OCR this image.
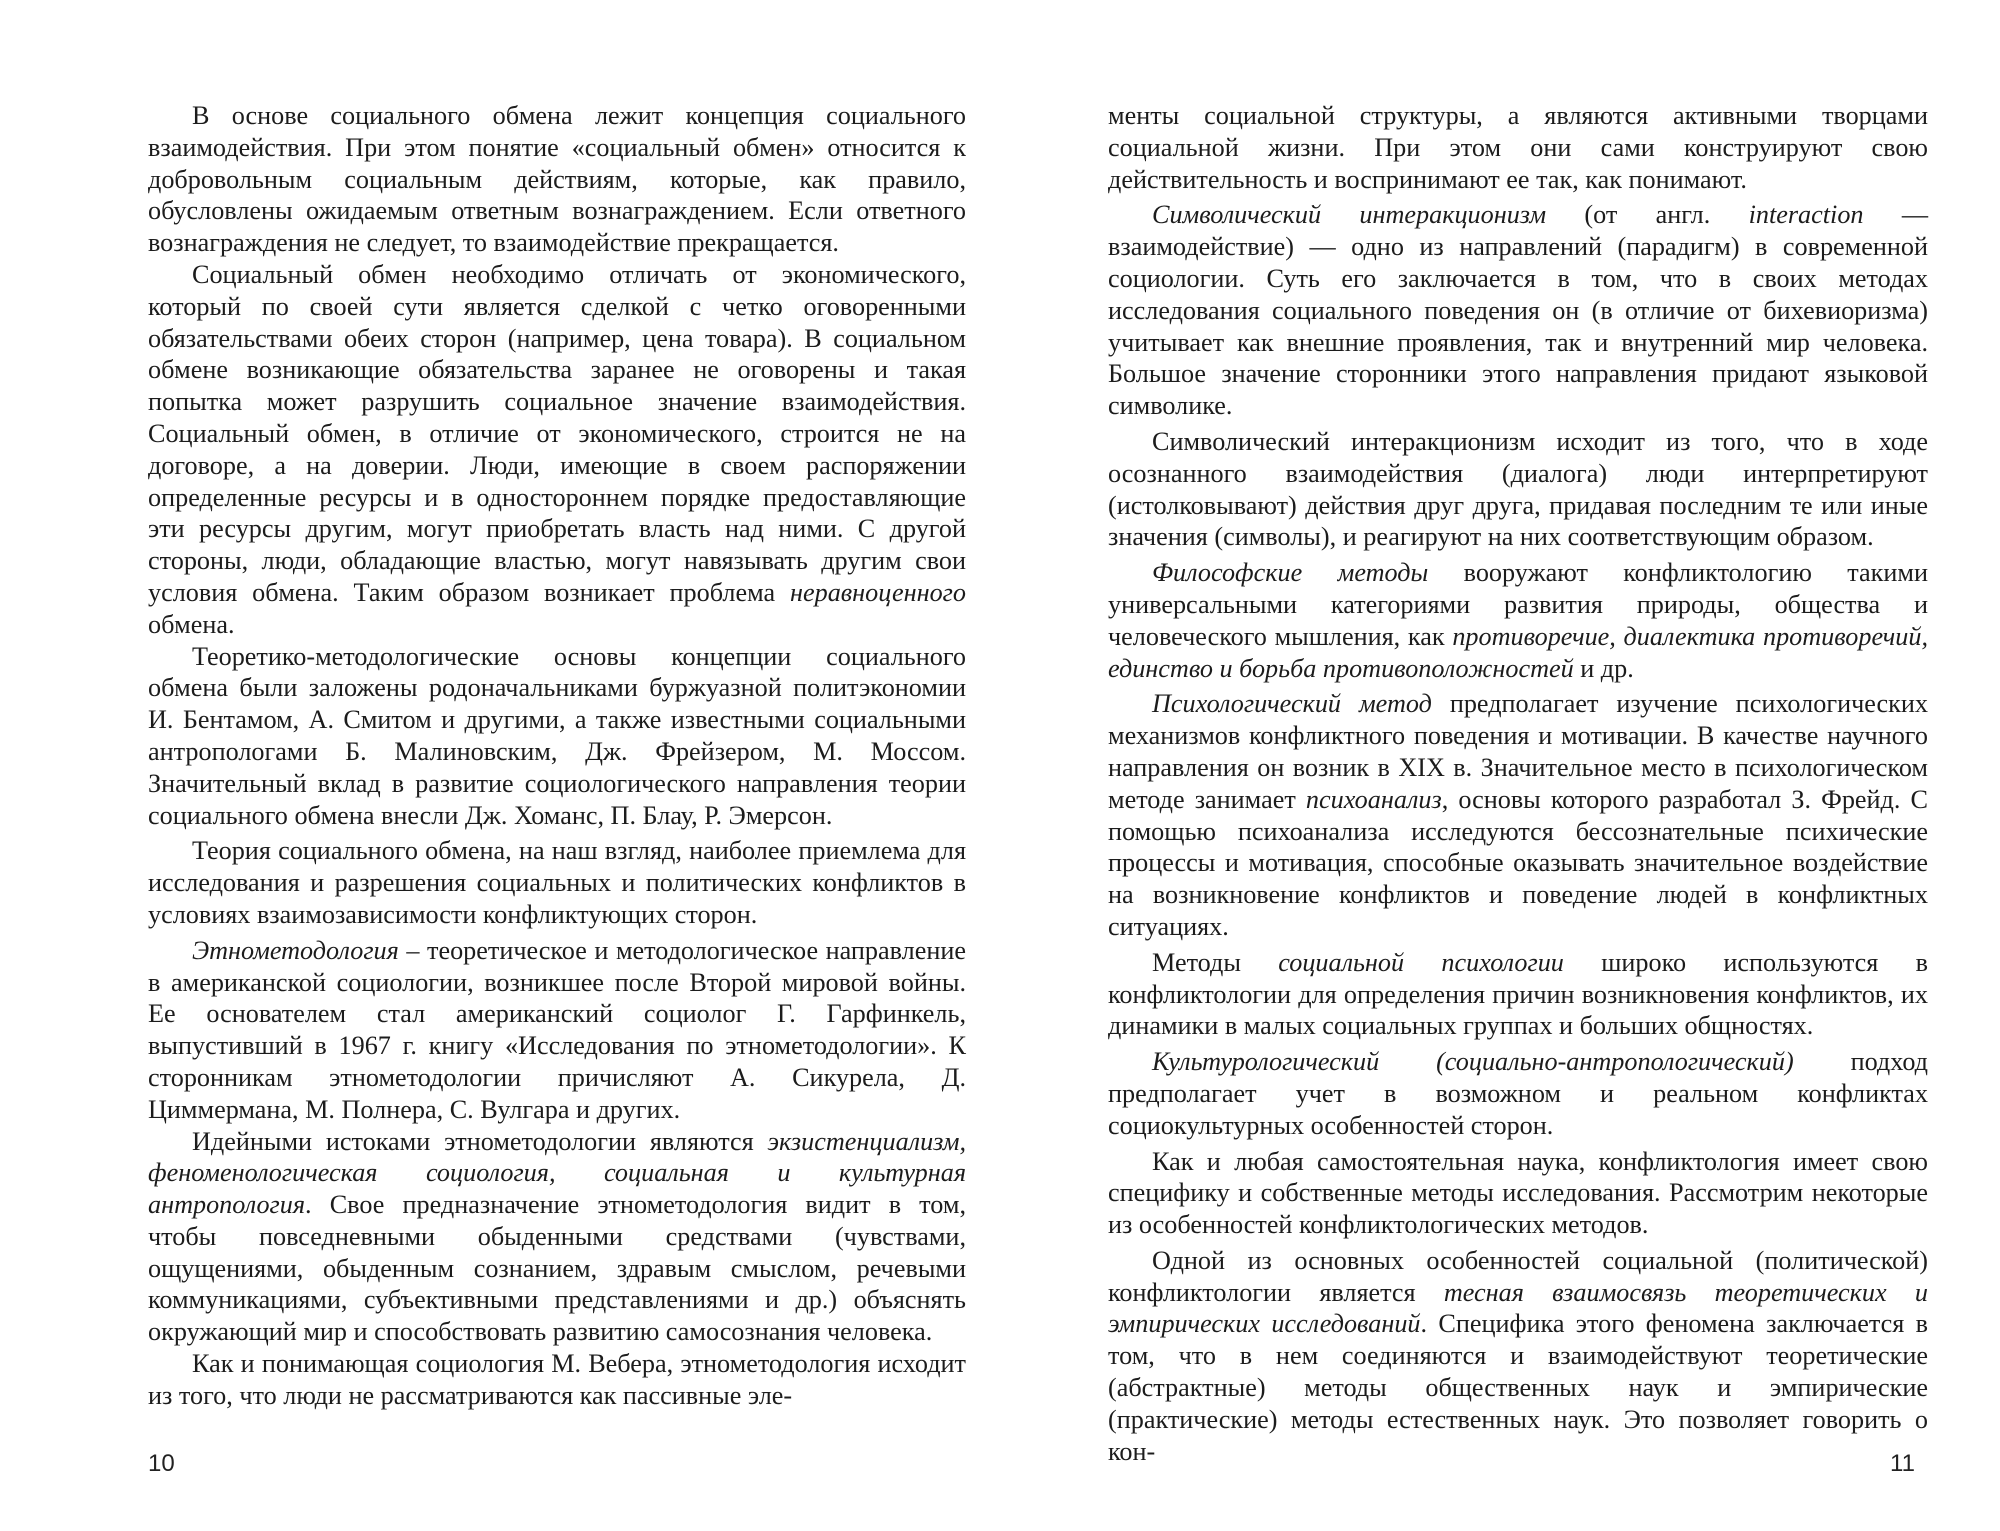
В основе социального обмена лежит концепция социального взаимодействия. При этом понятие «социальный обмен» относится к добровольным социальным действиям, которые, как правило, обусловлены ожидаемым ответным вознаграждением. Если ответного вознаграждения не следует, то взаимодействие прекращается.

Социальный обмен необходимо отличать от экономического, который по своей сути является сделкой с четко оговоренными обязательствами обеих сторон (например, цена товара). В социальном обмене возникающие обязательства заранее не оговорены и такая попытка может разрушить социальное значение взаимодействия. Социальный обмен, в отличие от экономического, строится не на договоре, а на доверии. Люди, имеющие в своем распоряжении определенные ресурсы и в одностороннем порядке предоставляющие эти ресурсы другим, могут приобретать власть над ними. С другой стороны, люди, обладающие властью, могут навязывать другим свои условия обмена. Таким образом возникает проблема неравноценного обмена.

Теоретико-методологические основы концепции социального обмена были заложены родоначальниками буржуазной политэкономии И. Бентамом, А. Смитом и другими, а также известными социальными антропологами Б. Малиновским, Дж. Фрейзером, М. Моссом. Значительный вклад в развитие социологического направления теории социального обмена внесли Дж. Хоманс, П. Блау, Р. Эмерсон.

Теория социального обмена, на наш взгляд, наиболее приемлема для исследования и разрешения социальных и политических конфликтов в условиях взаимозависимости конфликтующих сторон.

Этнометодология – теоретическое и методологическое направление в американской социологии, возникшее после Второй мировой войны. Ее основателем стал американский социолог Г. Гарфинкель, выпустивший в 1967 г. книгу «Исследования по этнометодологии». К сторонникам этнометодологии причисляют А. Сикурела, Д. Циммермана, М. Полнера, С. Вулгара и других.

Идейными истоками этнометодологии являются экзистенциализм, феноменологическая социология, социальная и культурная антропология. Свое предназначение этнометодология видит в том, чтобы повседневными обыденными средствами (чувствами, ощущениями, обыденным сознанием, здравым смыслом, речевыми коммуникациями, субъективными представлениями и др.) объяснять окружающий мир и способствовать развитию самосознания человека.

Как и понимающая социология М. Вебера, этнометодология исходит из того, что люди не рассматриваются как пассивные эле-

10

менты социальной структуры, а являются активными творцами социальной жизни. При этом они сами конструируют свою действительность и воспринимают ее так, как понимают.

Символический интеракционизм (от англ. interaction — взаимодействие) — одно из направлений (парадигм) в современной социологии. Суть его заключается в том, что в своих методах исследования социального поведения он (в отличие от бихевиоризма) учитывает как внешние проявления, так и внутренний мир человека. Большое значение сторонники этого направления придают языковой символике.

Символический интеракционизм исходит из того, что в ходе осознанного взаимодействия (диалога) люди интерпретируют (истолковывают) действия друг друга, придавая последним те или иные значения (символы), и реагируют на них соответствующим образом.

Философские методы вооружают конфликтологию такими универсальными категориями развития природы, общества и человеческого мышления, как противоречие, диалектика противоречий, единство и борьба противоположностей и др.

Психологический метод предполагает изучение психологических механизмов конфликтного поведения и мотивации. В качестве научного направления он возник в XIX в. Значительное место в психологическом методе занимает психоанализ, основы которого разработал З. Фрейд. С помощью психоанализа исследуются бессознательные психические процессы и мотивация, способные оказывать значительное воздействие на возникновение конфликтов и поведение людей в конфликтных ситуациях.

Методы социальной психологии широко используются в конфликтологии для определения причин возникновения конфликтов, их динамики в малых социальных группах и больших общностях.

Культурологический (социально-антропологический) подход предполагает учет в возможном и реальном конфликтах социокультурных особенностей сторон.

Как и любая самостоятельная наука, конфликтология имеет свою специфику и собственные методы исследования. Рассмотрим некоторые из особенностей конфликтологических методов.

Одной из основных особенностей социальной (политической) конфликтологии является тесная взаимосвязь теоретических и эмпирических исследований. Специфика этого феномена заключается в том, что в нем соединяются и взаимодействуют теоретические (абстрактные) методы общественных наук и эмпирические (практические) методы естественных наук. Это позволяет говорить о кон-	11
